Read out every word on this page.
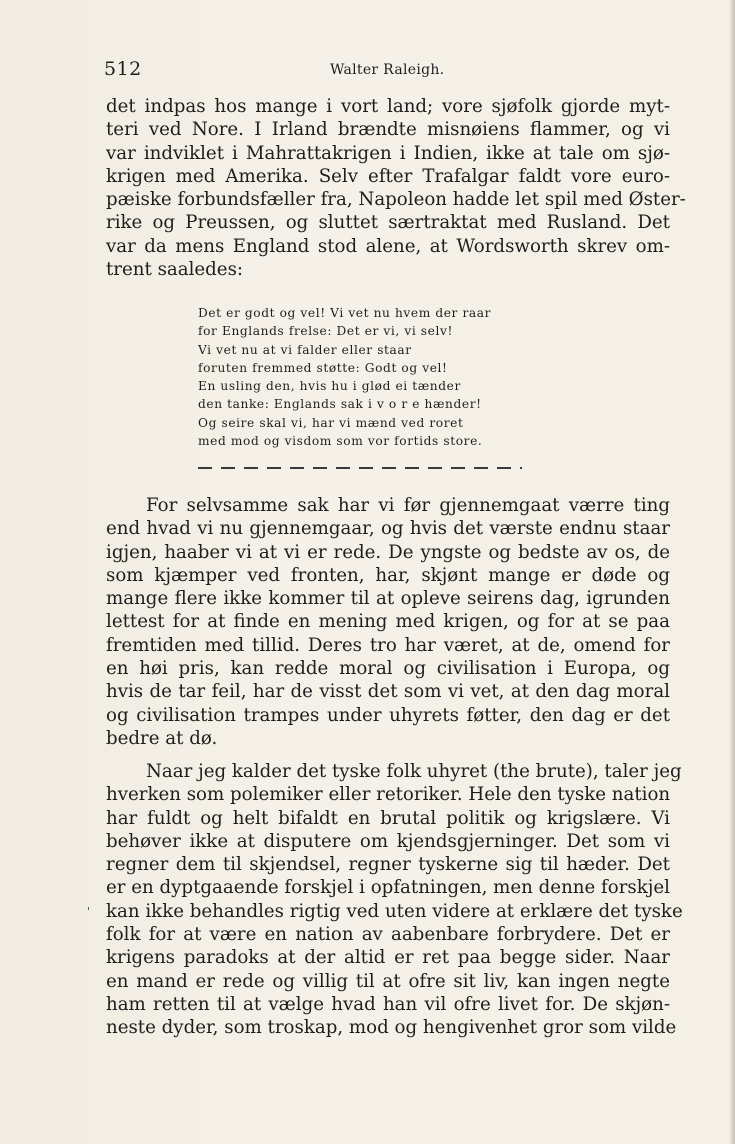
512	Walter Raleigh.

det indpas hos mange i vort land; vore sjøfolk gjorde myt-
teri ved Nore. I Irland brændte misnøiens flammer, og vi
var indviklet i Mahrattakrigen i Indien, ikke at tale om sjø-
krigen med Amerika. Selv efter Trafalgar faldt vore euro-
pæiske forbundsfæller fra, Napoleon hadde let spil med Øster-
rike og Preussen, og sluttet særtraktat med Rusland. Det
var da mens England stod alene, at Wordsworth skrev om-
trent saaledes:

Det er godt og vel! Vi vet nu hvem der raar
for Englands frelse: Det er vi, vi selv!
Vi vet nu at vi falder eller staar
foruten fremmed støtte: Godt og vel!
En usling den, hvis hu i glød ei tænder
den tanke: Englands sak i v o r e hænder!
Og seire skal vi, har vi mænd ved roret
med mod og visdom som vor fortids store.

For selvsamme sak har vi før gjennemgaat værre ting
end hvad vi nu gjennemgaar, og hvis det værste endnu staar
igjen, haaber vi at vi er rede. De yngste og bedste av os, de
som kjæmper ved fronten, har, skjønt mange er døde og
mange flere ikke kommer til at opleve seirens dag, igrunden
lettest for at finde en mening med krigen, og for at se paa
fremtiden med tillid. Deres tro har været, at de, omend for
en høi pris, kan redde moral og civilisation i Europa, og
hvis de tar feil, har de visst det som vi vet, at den dag moral
og civilisation trampes under uhyrets føtter, den dag er det
bedre at dø.

Naar jeg kalder det tyske folk uhyret (the brute), taler jeg
hverken som polemiker eller retoriker. Hele den tyske nation
har fuldt og helt bifaldt en brutal politik og krigslære. Vi
behøver ikke at disputere om kjendsgjerninger. Det som vi
regner dem til skjendsel, regner tyskerne sig til hæder. Det
er en dyptgaaende forskjel i opfatningen, men denne forskjel
kan ikke behandles rigtig ved uten videre at erklære det tyske
folk for at være en nation av aabenbare forbrydere. Det er
krigens paradoks at der altid er ret paa begge sider. Naar
en mand er rede og villig til at ofre sit liv, kan ingen negte
ham retten til at vælge hvad han vil ofre livet for. De skjøn-
neste dyder, som troskap, mod og hengivenhet gror som vilde

'
